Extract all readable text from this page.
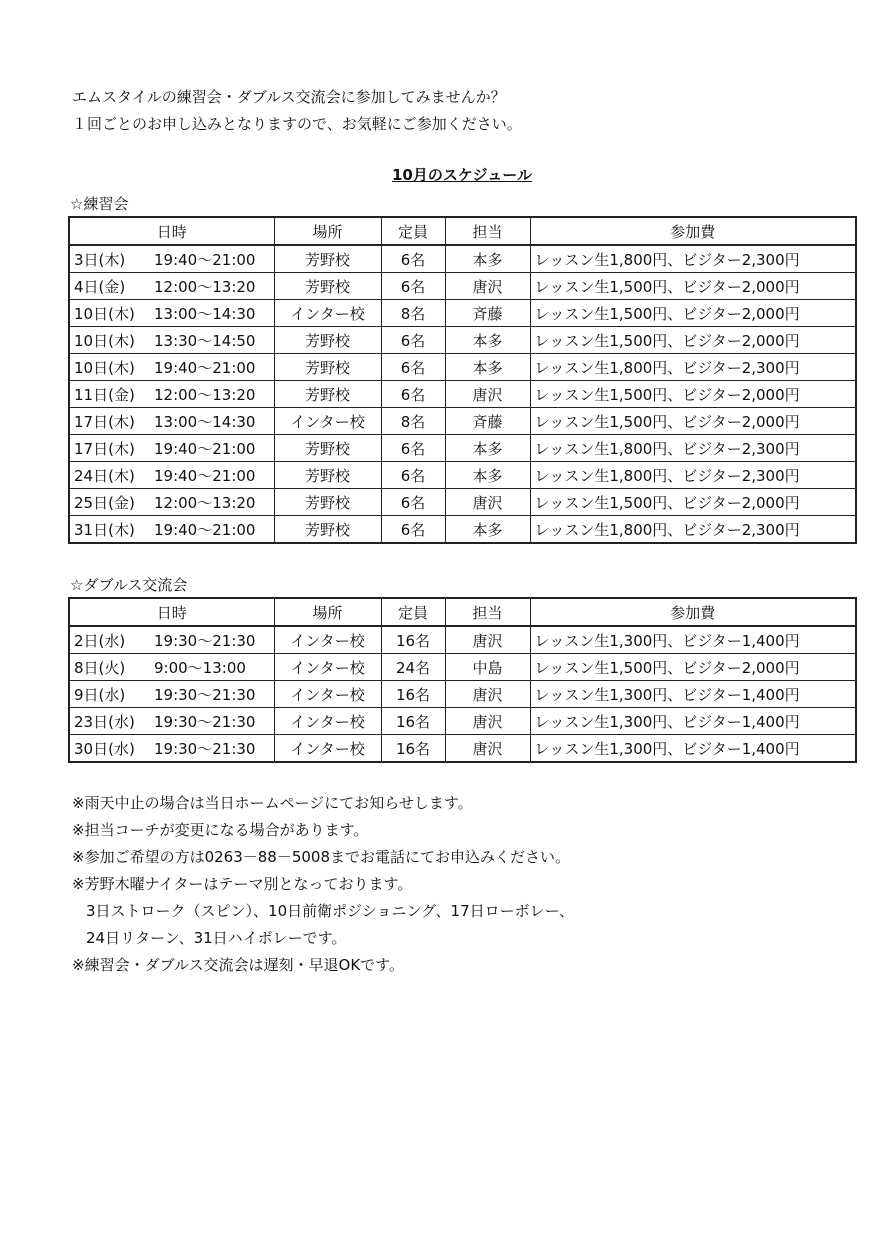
エムスタイルの練習会・ダブルス交流会に参加してみませんか？
１回ごとのお申し込みとなりますので、お気軽にご参加ください。
10月のスケジュール
☆練習会
日時	場所	定員	担当	参加費
3日(木) 19:40～21:00	芳野校	6名	本多	レッスン生1,800円、ビジター2,300円
4日(金) 12:00～13:20	芳野校	6名	唐沢	レッスン生1,500円、ビジター2,000円
10日(木) 13:00～14:30	インター校	8名	斉藤	レッスン生1,500円、ビジター2,000円
10日(木) 13:30～14:50	芳野校	6名	本多	レッスン生1,500円、ビジター2,000円
10日(木) 19:40～21:00	芳野校	6名	本多	レッスン生1,800円、ビジター2,300円
11日(金) 12:00～13:20	芳野校	6名	唐沢	レッスン生1,500円、ビジター2,000円
17日(木) 13:00～14:30	インター校	8名	斉藤	レッスン生1,500円、ビジター2,000円
17日(木) 19:40～21:00	芳野校	6名	本多	レッスン生1,800円、ビジター2,300円
24日(木) 19:40～21:00	芳野校	6名	本多	レッスン生1,800円、ビジター2,300円
25日(金) 12:00～13:20	芳野校	6名	唐沢	レッスン生1,500円、ビジター2,000円
31日(木) 19:40～21:00	芳野校	6名	本多	レッスン生1,800円、ビジター2,300円
☆ダブルス交流会
日時	場所	定員	担当	参加費
2日(水) 19:30～21:30	インター校	16名	唐沢	レッスン生1,300円、ビジター1,400円
8日(火) 9:00～13:00	インター校	24名	中島	レッスン生1,500円、ビジター2,000円
9日(水) 19:30～21:30	インター校	16名	唐沢	レッスン生1,300円、ビジター1,400円
23日(水) 19:30～21:30	インター校	16名	唐沢	レッスン生1,300円、ビジター1,400円
30日(水) 19:30～21:30	インター校	16名	唐沢	レッスン生1,300円、ビジター1,400円
※雨天中止の場合は当日ホームページにてお知らせします。
※担当コーチが変更になる場合があります。
※参加ご希望の方は0263－88－5008までお電話にてお申込みください。
※芳野木曜ナイターはテーマ別となっております。
3日ストローク（スピン）、10日前衛ポジショニング、17日ローボレー、
24日リターン、31日ハイボレーです。
※練習会・ダブルス交流会は遅刻・早退OKです。
